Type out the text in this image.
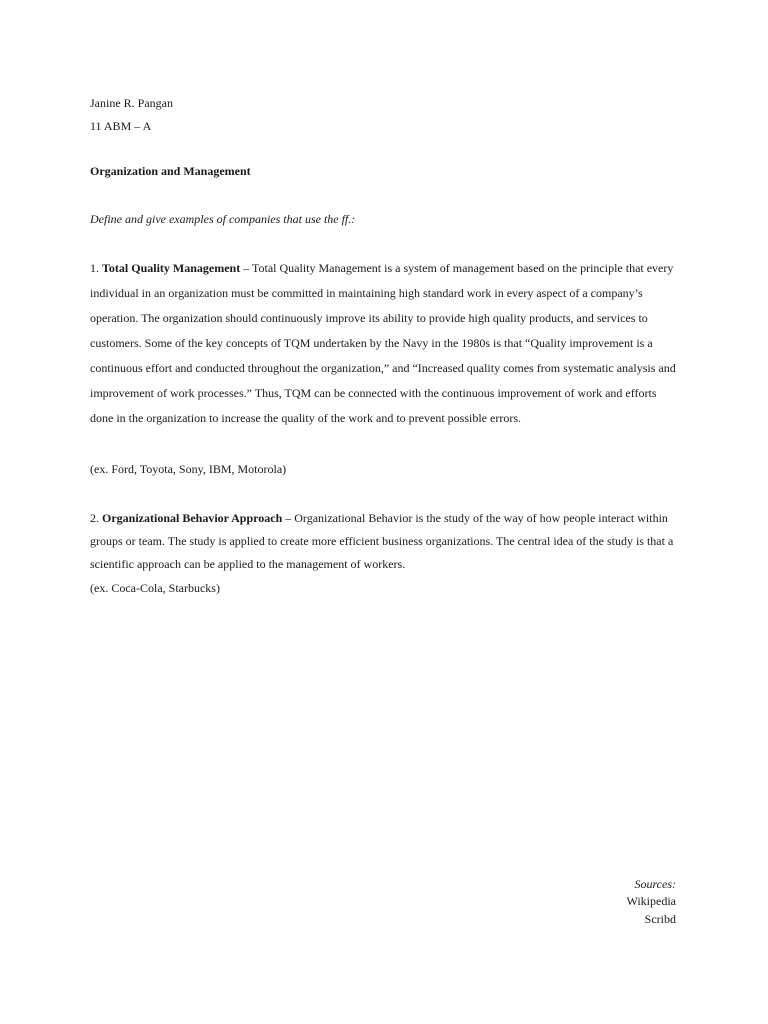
Janine R. Pangan
11 ABM – A
Organization and Management
Define and give examples of companies that use the ff.:
1. Total Quality Management – Total Quality Management is a system of management based on the principle that every individual in an organization must be committed in maintaining high standard work in every aspect of a company’s operation. The organization should continuously improve its ability to provide high quality products, and services to customers. Some of the key concepts of TQM undertaken by the Navy in the 1980s is that “Quality improvement is a continuous effort and conducted throughout the organization,” and “Increased quality comes from systematic analysis and improvement of work processes.” Thus, TQM can be connected with the continuous improvement of work and efforts done in the organization to increase the quality of the work and to prevent possible errors.
(ex. Ford, Toyota, Sony, IBM, Motorola)
2. Organizational Behavior Approach – Organizational Behavior is the study of the way of how people interact within groups or team. The study is applied to create more efficient business organizations. The central idea of the study is that a scientific approach can be applied to the management of workers.
(ex. Coca-Cola, Starbucks)
Sources:
Wikipedia
Scribd
